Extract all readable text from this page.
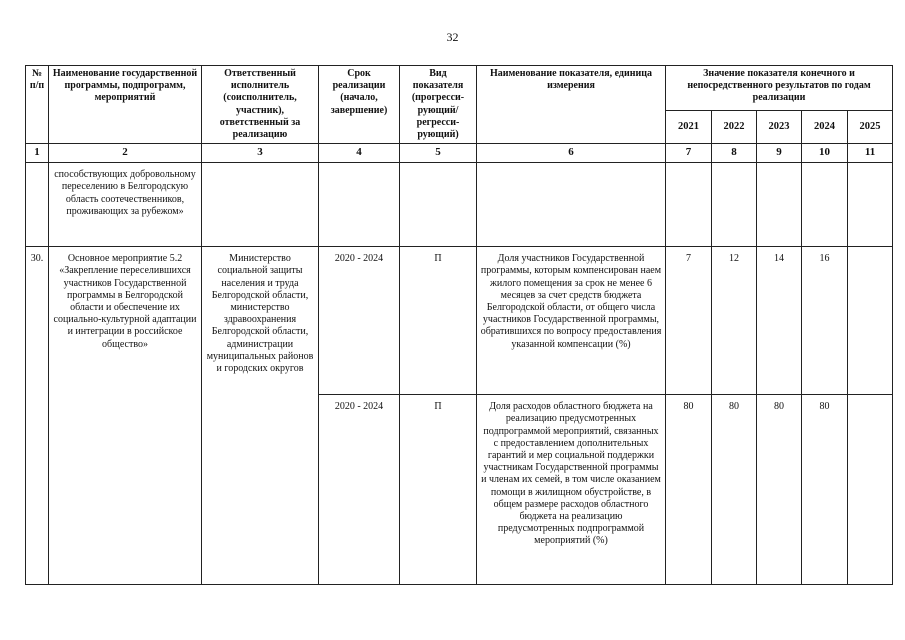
32
№ п/п	Наименование государственной программы, подпрограмм, мероприятий	Ответственный исполнитель (соисполнитель, участник), ответственный за реализацию	Срок реализации (начало, завершение)	Вид показателя (прогресси-рующий/ регресси-рующий)	Наименование показателя, единица измерения	Значение показателя конечного и непосредственного результатов по годам реализации				
						2021	2022	2023	2024	2025
1	2	3	4	5	6	7	8	9	10	11
	способствующих добровольному переселению в Белгородскую область соотечественников, проживающих за рубежом»									
30.	Основное мероприятие 5.2 «Закрепление переселившихся участников Государственной программы в Белгородской области и обеспечение их социально-культурной адаптации и интеграции в российское общество»	Министерство социальной защиты населения и труда Белгородской области, министерство здравоохранения Белгородской области, администрации муниципальных районов и городских округов	2020 - 2024	П	Доля участников Государственной программы, которым компенсирован наем жилого помещения за срок не менее 6 месяцев за счет средств бюджета Белгородской области, от общего числа участников Государственной программы, обратившихся по вопросу предоставления указанной компенсации (%)	7	12	14	16	
			2020 - 2024	П	Доля расходов областного бюджета на реализацию предусмотренных подпрограммой мероприятий, связанных с предоставлением дополнительных гарантий и мер социальной поддержки участникам Государственной программы и членам их семей, в том числе оказанием помощи в жилищном обустройстве, в общем размере расходов областного бюджета на реализацию предусмотренных подпрограммой мероприятий (%)	80	80	80	80	
